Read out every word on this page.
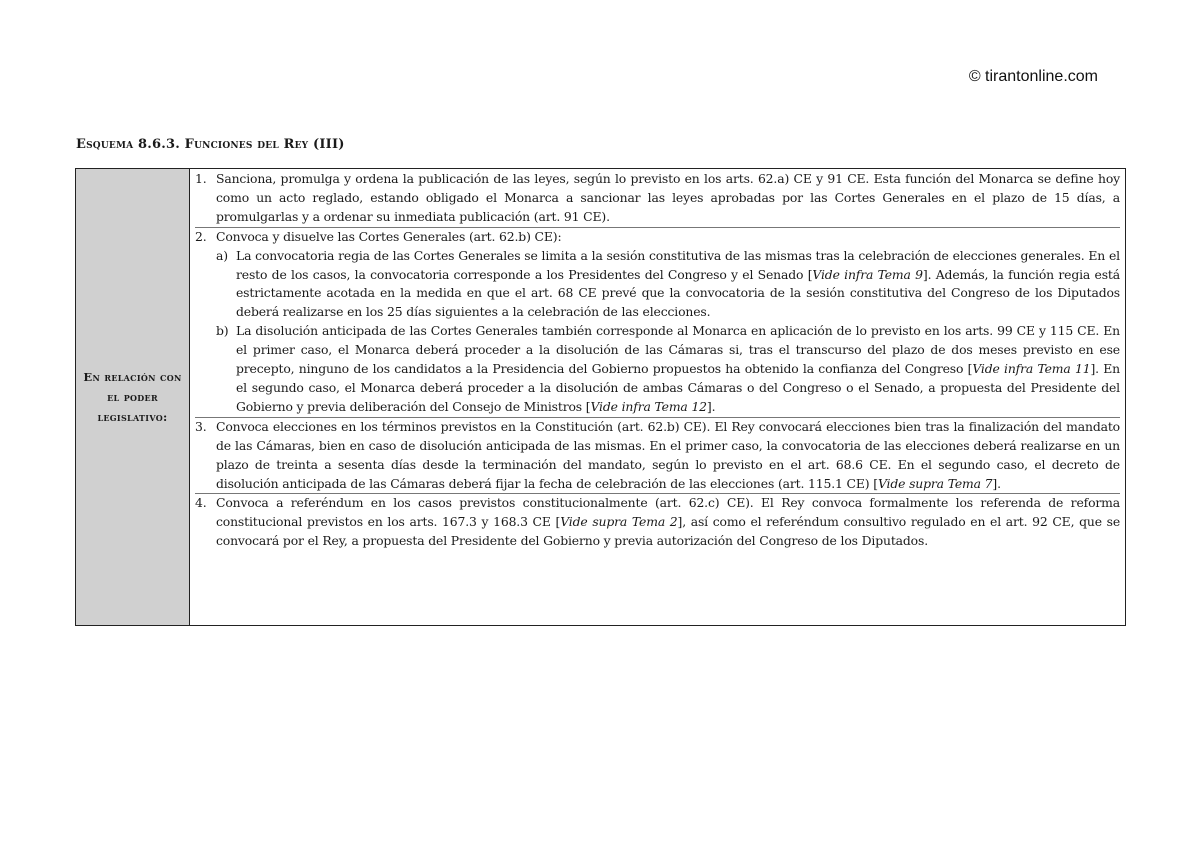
© tirantonline.com
Esquema 8.6.3. Funciones del Rey (III)
En relación con el poder legislativo:
1. Sanciona, promulga y ordena la publicación de las leyes, según lo previsto en los arts. 62.a) CE y 91 CE. Esta función del Monarca se define hoy como un acto reglado, estando obligado el Monarca a sancionar las leyes aprobadas por las Cortes Generales en el plazo de 15 días, a promulgarlas y a ordenar su inmediata publicación (art. 91 CE).
2. Convoca y disuelve las Cortes Generales (art. 62.b) CE):
a) La convocatoria regia de las Cortes Generales se limita a la sesión constitutiva de las mismas tras la celebración de elecciones generales. En el resto de los casos, la convocatoria corresponde a los Presidentes del Congreso y el Senado [Vide infra Tema 9]. Además, la función regia está estrictamente acotada en la medida en que el art. 68 CE prevé que la convocatoria de la sesión constitutiva del Congreso de los Diputados deberá realizarse en los 25 días siguientes a la celebración de las elecciones.
b) La disolución anticipada de las Cortes Generales también corresponde al Monarca en aplicación de lo previsto en los arts. 99 CE y 115 CE. En el primer caso, el Monarca deberá proceder a la disolución de las Cámaras si, tras el transcurso del plazo de dos meses previsto en ese precepto, ninguno de los candidatos a la Presidencia del Gobierno propuestos ha obtenido la confianza del Congreso [Vide infra Tema 11]. En el segundo caso, el Monarca deberá proceder a la disolución de ambas Cámaras o del Congreso o el Senado, a propuesta del Presidente del Gobierno y previa deliberación del Consejo de Ministros [Vide infra Tema 12].
3. Convoca elecciones en los términos previstos en la Constitución (art. 62.b) CE). El Rey convocará elecciones bien tras la finalización del mandato de las Cámaras, bien en caso de disolución anticipada de las mismas. En el primer caso, la convocatoria de las elecciones deberá realizarse en un plazo de treinta a sesenta días desde la terminación del mandato, según lo previsto en el art. 68.6 CE. En el segundo caso, el decreto de disolución anticipada de las Cámaras deberá fijar la fecha de celebración de las elecciones (art. 115.1 CE) [Vide supra Tema 7].
4. Convoca a referéndum en los casos previstos constitucionalmente (art. 62.c) CE). El Rey convoca formalmente los referenda de reforma constitucional previstos en los arts. 167.3 y 168.3 CE [Vide supra Tema 2], así como el referéndum consultivo regulado en el art. 92 CE, que se convocará por el Rey, a propuesta del Presidente del Gobierno y previa autorización del Congreso de los Diputados.
